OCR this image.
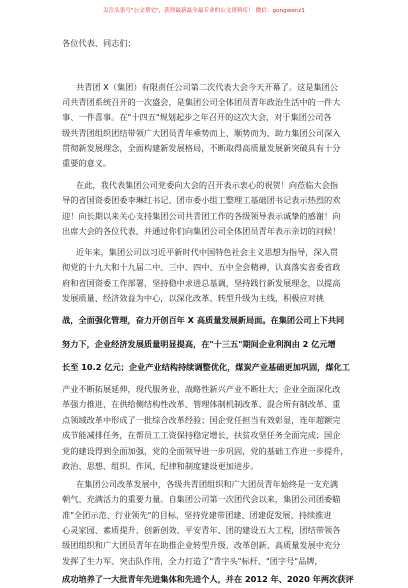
关注头条号"公文帮宅"，获得最新最全最专业的公文资料库！ 微信：gongwenz1
各位代表、同志们：
共青团 X（集团）有限责任公司第二次代表大会今天开幕了。这是集团公
司共青团系统召开的一次盛会，是集团公司全体团员青年政治生活中的一件大
事、一件喜事。在"十四五"规划起步之年召开的这次大会，对于集团公司各
级共青团组织团结带领广大团员青年乘势而上、顺势而为，助力集团公司深入
贯彻新发展理念，全面构建新发展格局，不断取得高质量发展新突破具有十分
重要的意义。
在此，我代表集团公司党委向大会的召开表示衷心的祝贺！向莅临大会指
导的省国资委团委李琳红书记、团市委小组工整理工基础团书记表示热烈的欢
迎！向长期以来关心支持集团公司共青团工作的各级领导表示诚挚的感谢！向
出席大会的各位代表，并通过你们向集团公司全体团员青年表示亲切的问候！
近年来，集团公司以习近平新时代中国特色社会主义思想为指导，深入贯
彻党的十九大和十九届二中、三中、四中、五中全会精神，认真落实省委省政
府和省国资委工作部署，坚持稳中求进总基调，坚持践行新发展理念，以提高
发展质量、经济效益为中心，以深化改革、转型升级为主线，积极应对挑
战，全面强化管理，奋力开创百年 X 高质量发展新局面。在集团公司上下共同
努力下，企业经济发展质量明显提高，在"十三五"期间企业利润由 2 亿元增
长至 10.2 亿元；企业产业结构持续调整优化，煤炭产业基础更加巩固，煤化工
产业不断拓展延伸，现代服务业、战略性新兴产业不断壮大；企业全面深化改
革强力推进，在供给侧结构性改革、管理体制机制改革、混合所有制改革、重
点领域改革中形成了一批综合改革经验；国企党任担当有效彰显，连年超额完
成节能减排任务，在帮员工工资保持稳定增长，扶贫攻坚任务全面完成；国企
党的建设得到全面加强，党的全面领导进一步巩固，党的基础工作进一步提升，
政治、思想、组织、作风、纪律和制度建设更加进步。
在集团公司改革发展中，各级共青团组织和广大团员青年始终是一支充满
朝气、充满活力的重要力量。自集团公司第一次团代会以来，集团公司团委瞄
准"全团示范、行业领先"的目标，坚持党建带团建、团建促发展，持续推进
心灵家园、素质提升、创新创效、平安青年、团的建设五大工程，团结带领各
级团组织和广大团员青年在助推企业转型升级、改革创新、高质量发展中充分
发挥了生力军、突击队作用，全力打造了"青字头"标杆、"团字号"品牌，
成功培养了一大批青年先进集体和先进个人，并在 2012 年、2020 年两次获评
